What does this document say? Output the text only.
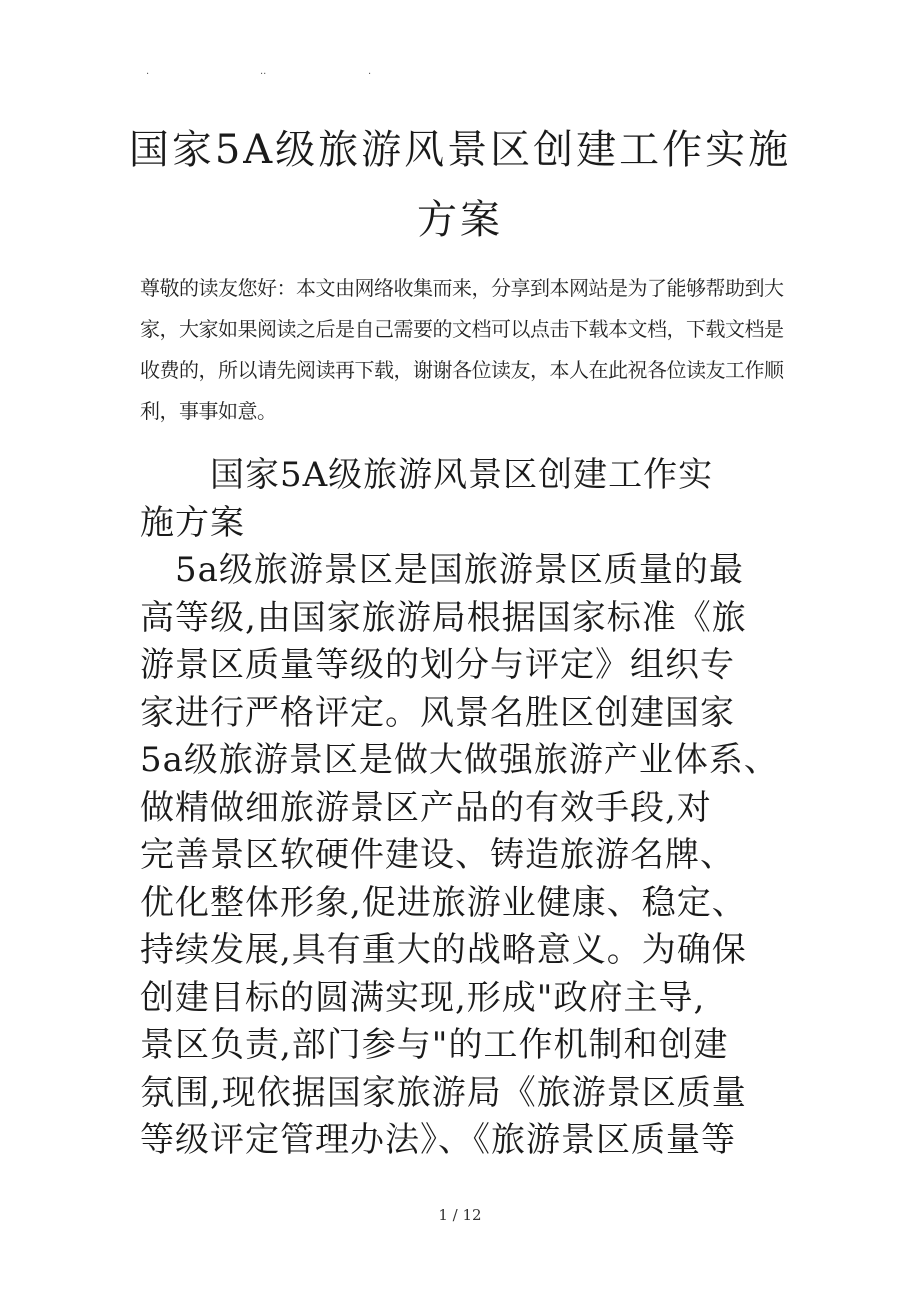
.	..	.
国家5A级旅游风景区创建工作实施
方案

尊敬的读友您好：本文由网络收集而来，分享到本网站是为了能够帮助到大

家，大家如果阅读之后是自己需要的文档可以点击下载本文档，下载文档是

收费的，所以请先阅读再下载，谢谢各位读友，本人在此祝各位读友工作顺

利，事事如意。

　　国家5A级旅游风景区创建工作实

施方案

　5a级旅游景区是国旅游景区质量的最

高等级,由国家旅游局根据国家标准《旅

游景区质量等级的划分与评定》组织专

家进行严格评定。风景名胜区创建国家

5a级旅游景区是做大做强旅游产业体系、

做精做细旅游景区产品的有效手段,对

完善景区软硬件建设、铸造旅游名牌、

优化整体形象,促进旅游业健康、稳定、

持续发展,具有重大的战略意义。为确保

创建目标的圆满实现,形成"政府主导,

景区负责,部门参与"的工作机制和创建

氛围,现依据国家旅游局《旅游景区质量

等级评定管理办法》、《旅游景区质量等

1 / 12
